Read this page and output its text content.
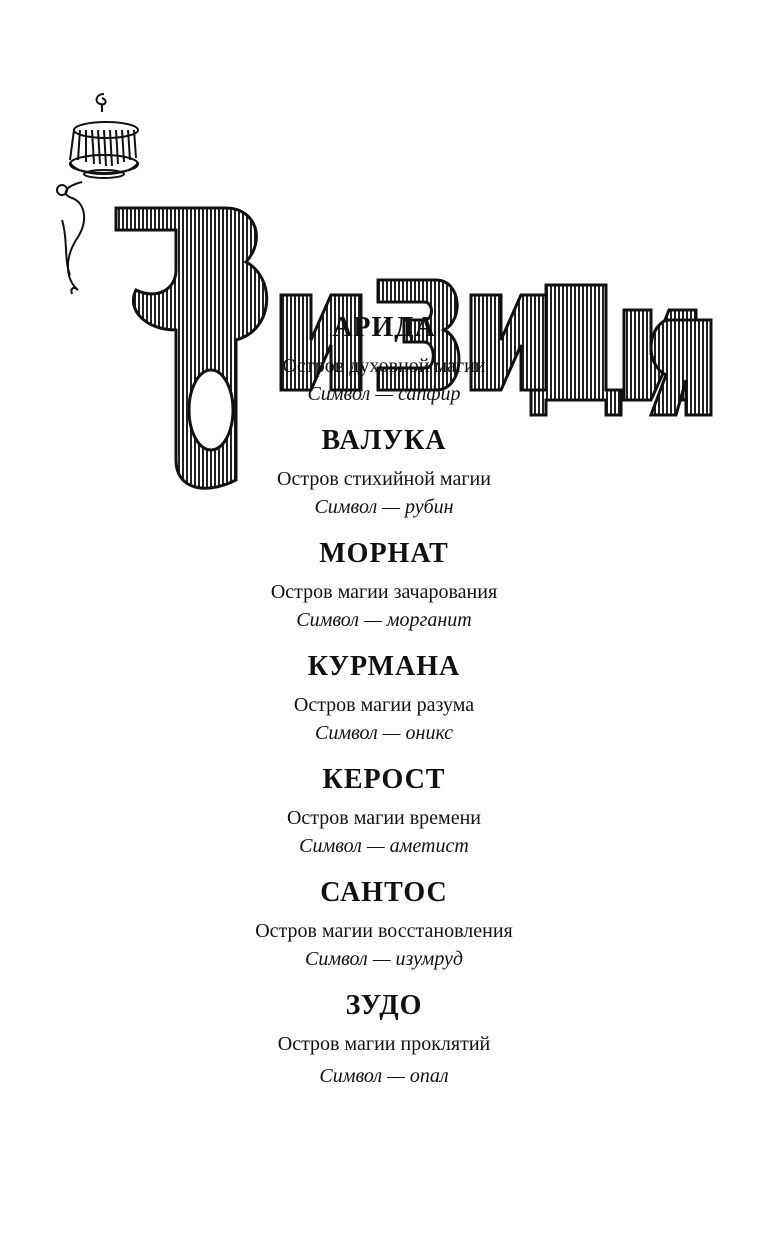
АРИДА
Остров духовной магии
Символ — сапфир
ВАЛУКА
Остров стихийной магии
Символ — рубин
МОРНАТ
Остров магии зачарования
Символ — морганит
КУРМАНА
Остров магии разума
Символ — оникс
КЕРОСТ
Остров магии времени
Символ — аметист
САНТОС
Остров магии восстановления
Символ — изумруд
ЗУДО
Остров магии проклятий
Символ — опал
